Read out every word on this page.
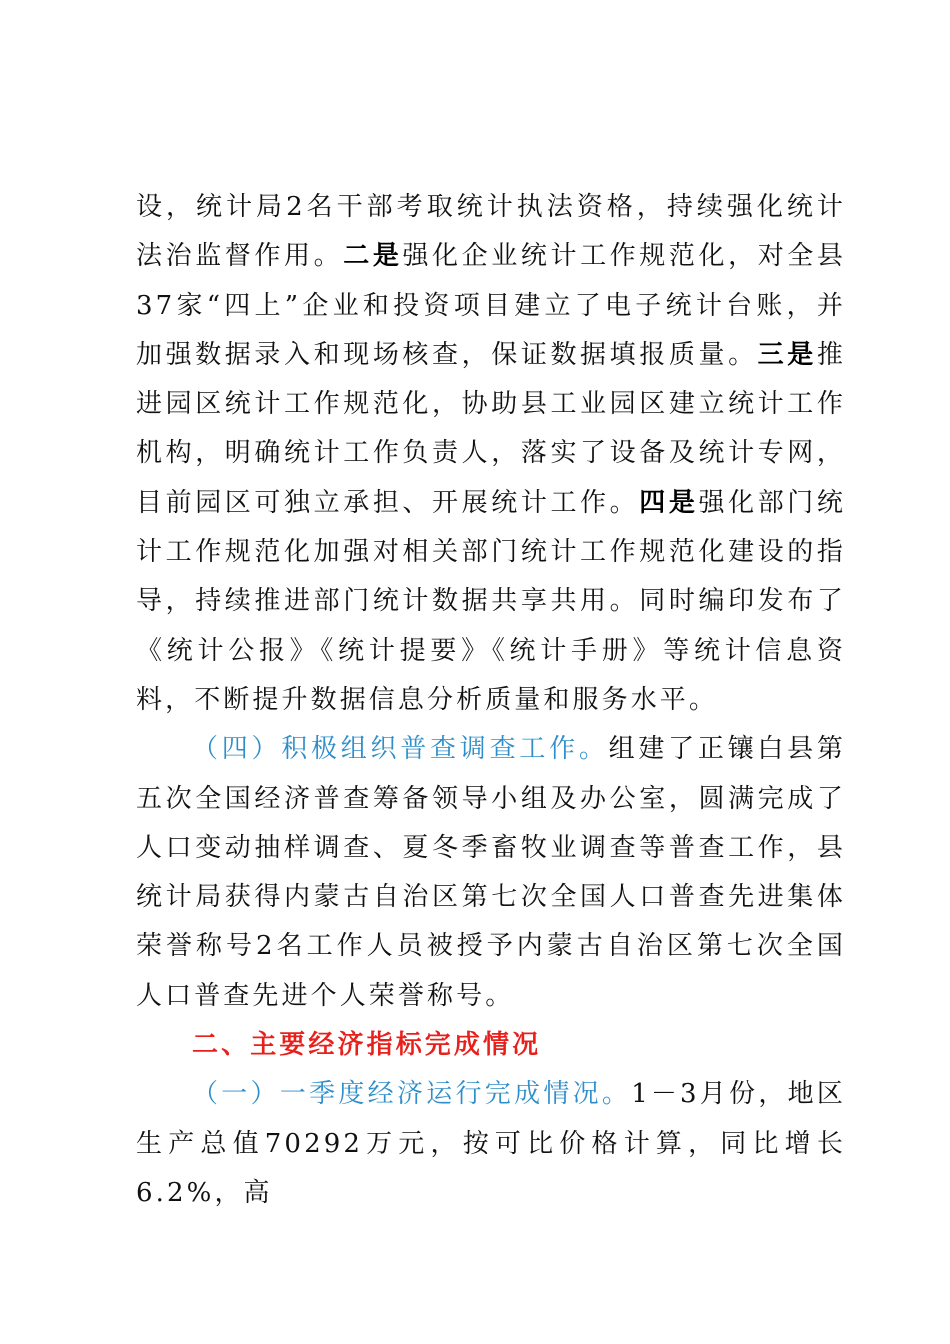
设，统计局2名干部考取统计执法资格，持续强化统计法治监督作用。二是强化企业统计工作规范化，对全县37家“四上”企业和投资项目建立了电子统计台账，并加强数据录入和现场核查，保证数据填报质量。三是推进园区统计工作规范化，协助县工业园区建立统计工作机构，明确统计工作负责人，落实了设备及统计专网，目前园区可独立承担、开展统计工作。四是强化部门统计工作规范化加强对相关部门统计工作规范化建设的指导，持续推进部门统计数据共享共用。同时编印发布了《统计公报》《统计提要》《统计手册》等统计信息资料，不断提升数据信息分析质量和服务水平。

（四）积极组织普查调查工作。组建了正镶白县第五次全国经济普查筹备领导小组及办公室，圆满完成了人口变动抽样调查、夏冬季畜牧业调查等普查工作，县统计局获得内蒙古自治区第七次全国人口普查先进集体荣誉称号2名工作人员被授予内蒙古自治区第七次全国人口普查先进个人荣誉称号。

二、主要经济指标完成情况

（一）一季度经济运行完成情况。1－3月份，地区生产总值70292万元，按可比价格计算，同比增长6.2%，高
